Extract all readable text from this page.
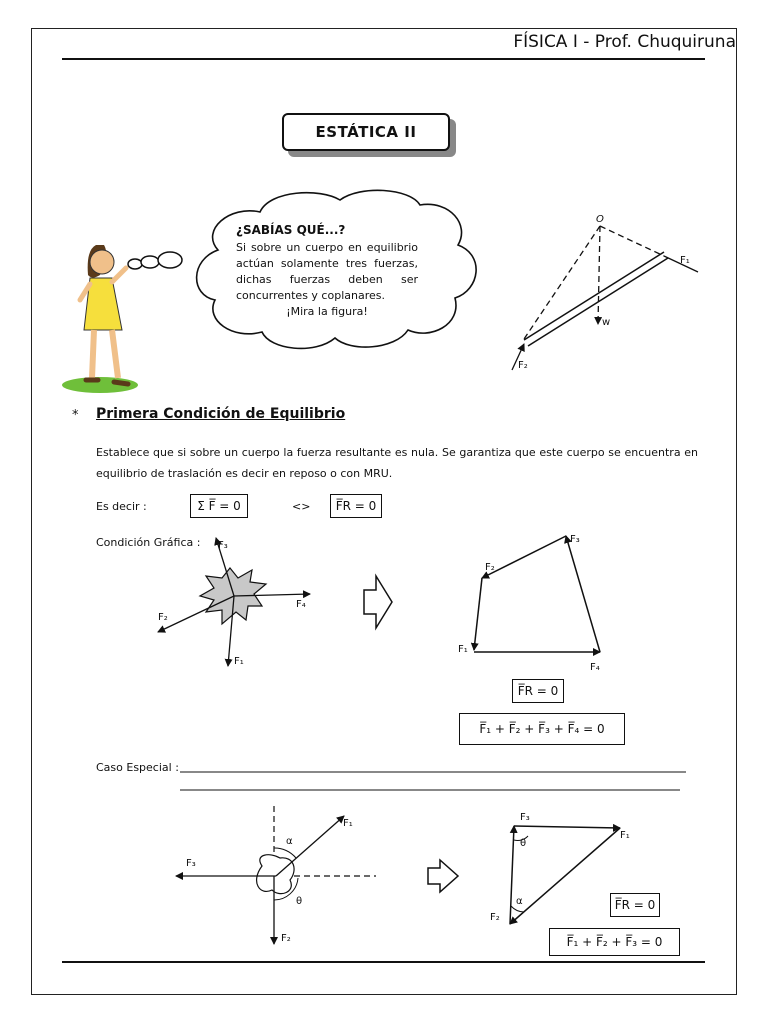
FÍSICA I - Prof. Chuquiruna
ESTÁTICA II
O
F₁
F₂
w
F₃
F₄
F₂
F₁
F₃
F₂
F₁
F₄
F₁
F₃
F₂
α
θ
F₃
F₁
F₂
θ
α
¿SABÍAS QUÉ...?
Si sobre un cuerpo en equilibrio actúan solamente tres fuerzas, dichas fuerzas deben ser concurrentes y coplanares.
¡Mira la figura!
* Primera Condición de Equilibrio
Establece que si sobre un cuerpo la fuerza resultante es nula. Se garantiza que este cuerpo se encuentra en equilibrio de traslación es decir en reposo o con MRU.
Es decir :	Σ F̅ = 0	<>	F̅R = 0
Condición Gráfica :
F̅R = 0
F̅₁ + F̅₂ + F̅₃ + F̅₄ = 0
Caso Especial :
F̅R = 0
F̅₁ + F̅₂ + F̅₃ = 0
